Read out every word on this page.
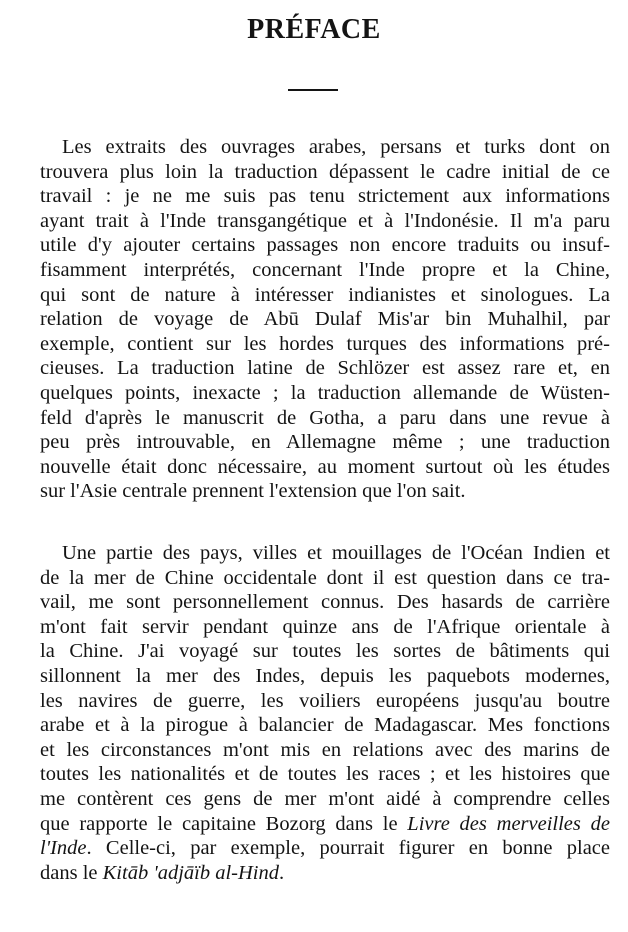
PRÉFACE
Les extraits des ouvrages arabes, persans et turks dont on
trouvera plus loin la traduction dépassent le cadre initial de ce
travail : je ne me suis pas tenu strictement aux informations
ayant trait à l'Inde transgangétique et à l'Indonésie. Il m'a paru
utile d'y ajouter certains passages non encore traduits ou insuf-
fisamment interprétés, concernant l'Inde propre et la Chine,
qui sont de nature à intéresser indianistes et sinologues. La
relation de voyage de Abū Dulaf Mis'ar bin Muhalhil, par
exemple, contient sur les hordes turques des informations pré-
cieuses. La traduction latine de Schlözer est assez rare et, en
quelques points, inexacte ; la traduction allemande de Wüsten-
feld d'après le manuscrit de Gotha, a paru dans une revue à
peu près introuvable, en Allemagne même ; une traduction
nouvelle était donc nécessaire, au moment surtout où les études
sur l'Asie centrale prennent l'extension que l'on sait.
Une partie des pays, villes et mouillages de l'Océan Indien et
de la mer de Chine occidentale dont il est question dans ce tra-
vail, me sont personnellement connus. Des hasards de carrière
m'ont fait servir pendant quinze ans de l'Afrique orientale à
la Chine. J'ai voyagé sur toutes les sortes de bâtiments qui
sillonnent la mer des Indes, depuis les paquebots modernes,
les navires de guerre, les voiliers européens jusqu'au boutre
arabe et à la pirogue à balancier de Madagascar. Mes fonctions
et les circonstances m'ont mis en relations avec des marins de
toutes les nationalités et de toutes les races ; et les histoires que
me contèrent ces gens de mer m'ont aidé à comprendre celles
que rapporte le capitaine Bozorg dans le Livre des merveilles de
l'Inde. Celle-ci, par exemple, pourrait figurer en bonne place
dans le Kitāb 'adjāïb al-Hind.
